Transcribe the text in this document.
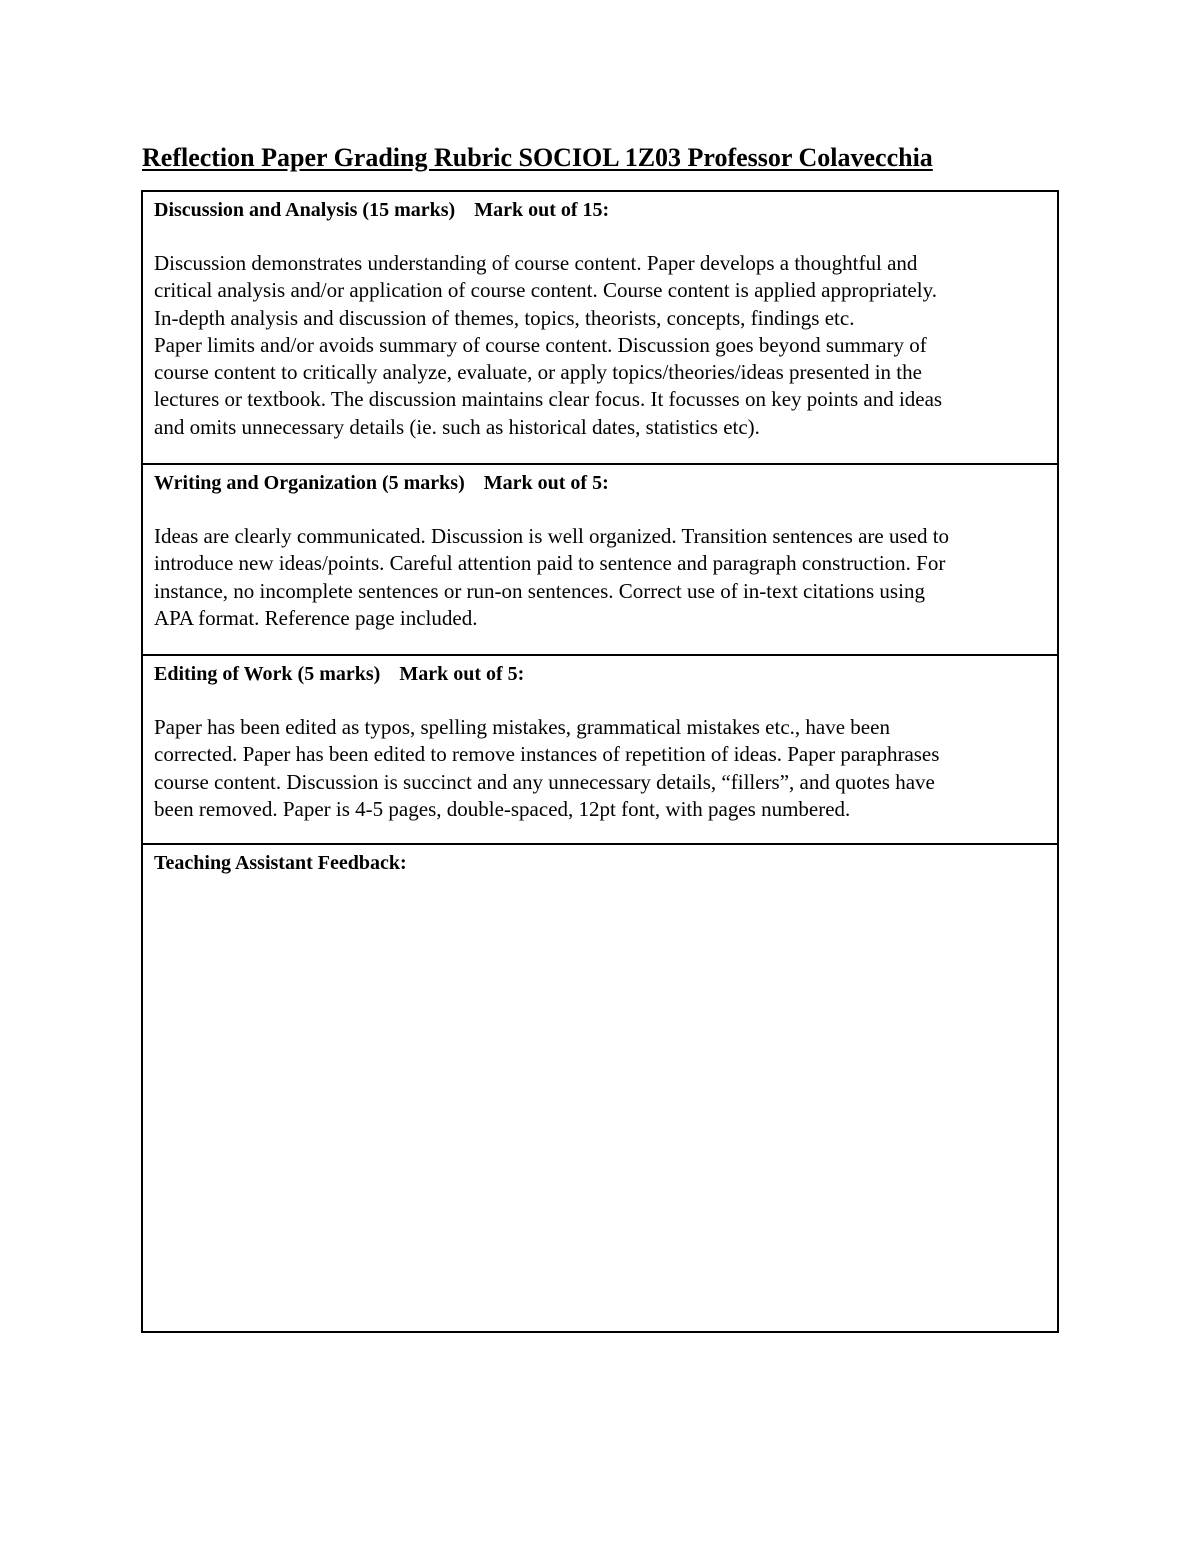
Reflection Paper Grading Rubric SOCIOL 1Z03 Professor Colavecchia
Discussion and Analysis (15 marks) Mark out of 15:

Discussion demonstrates understanding of course content. Paper develops a thoughtful and
critical analysis and/or application of course content. Course content is applied appropriately.
In-depth analysis and discussion of themes, topics, theorists, concepts, findings etc.
Paper limits and/or avoids summary of course content. Discussion goes beyond summary of
course content to critically analyze, evaluate, or apply topics/theories/ideas presented in the
lectures or textbook. The discussion maintains clear focus. It focusses on key points and ideas
and omits unnecessary details (ie. such as historical dates, statistics etc).

Writing and Organization (5 marks) Mark out of 5:

Ideas are clearly communicated. Discussion is well organized. Transition sentences are used to
introduce new ideas/points. Careful attention paid to sentence and paragraph construction. For
instance, no incomplete sentences or run-on sentences. Correct use of in-text citations using
APA format. Reference page included.

Editing of Work (5 marks) Mark out of 5:

Paper has been edited as typos, spelling mistakes, grammatical mistakes etc., have been
corrected. Paper has been edited to remove instances of repetition of ideas. Paper paraphrases
course content. Discussion is succinct and any unnecessary details, “fillers”, and quotes have
been removed. Paper is 4-5 pages, double-spaced, 12pt font, with pages numbered.

Teaching Assistant Feedback:
